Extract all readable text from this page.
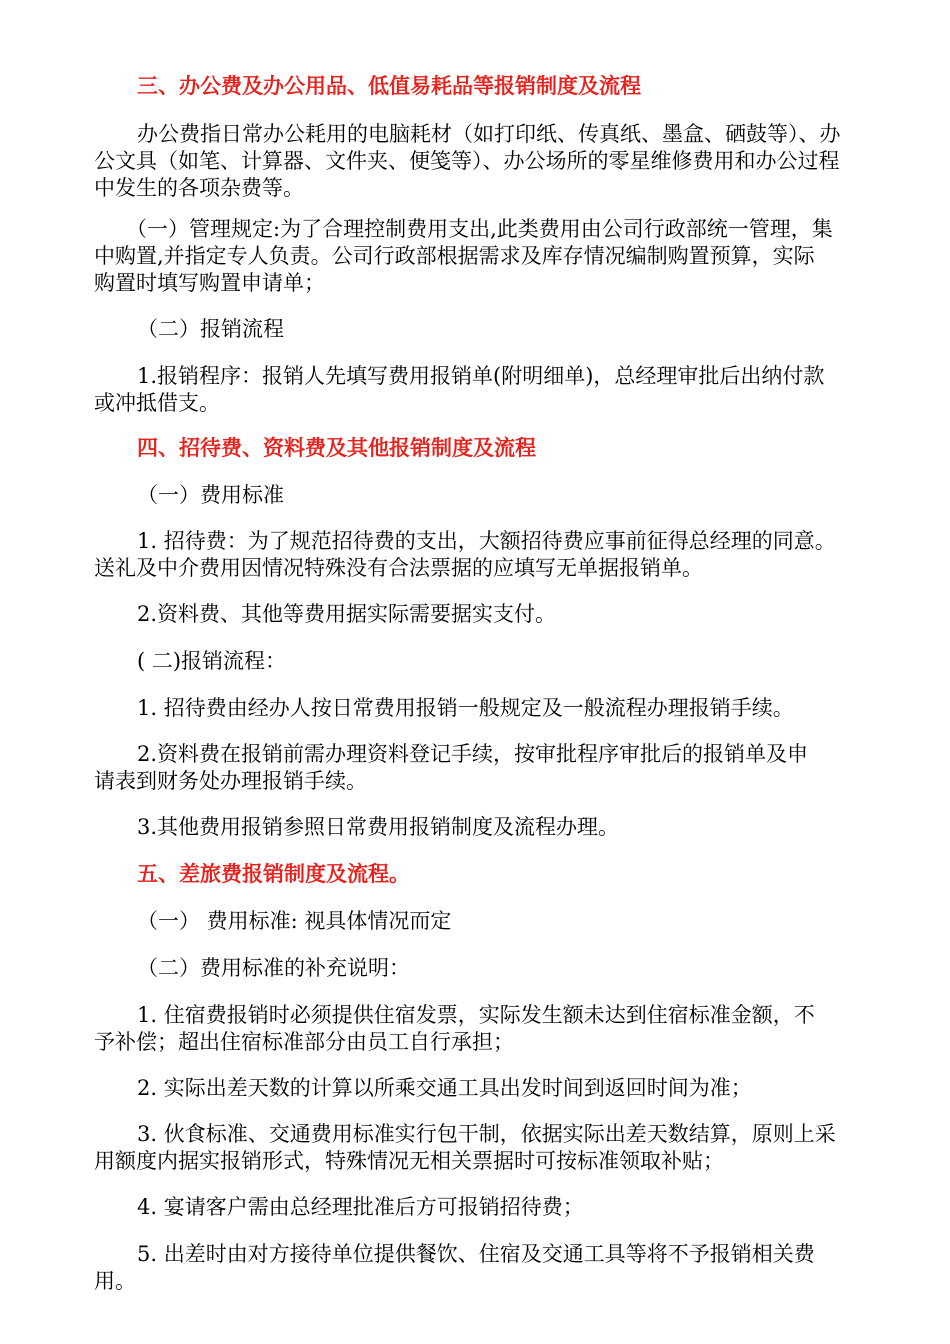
三、办公费及办公用品、低值易耗品等报销制度及流程
办公费指日常办公耗用的电脑耗材（如打印纸、传真纸、墨盒、硒鼓等）、办
公文具（如笔、计算器、文件夹、便笺等）、办公场所的零星维修费用和办公过程
中发生的各项杂费等。
（一）管理规定:为了合理控制费用支出,此类费用由公司行政部统一管理，集
中购置,并指定专人负责。公司行政部根据需求及库存情况编制购置预算，实际
购置时填写购置申请单；
（二）报销流程
1.报销程序：报销人先填写费用报销单(附明细单)，总经理审批后出纳付款
或冲抵借支。
四、招待费、资料费及其他报销制度及流程
（一）费用标准
1. 招待费：为了规范招待费的支出，大额招待费应事前征得总经理的同意。
送礼及中介费用因情况特殊没有合法票据的应填写无单据报销单。
2.资料费、其他等费用据实际需要据实支付。
( 二)报销流程：
1. 招待费由经办人按日常费用报销一般规定及一般流程办理报销手续。
2.资料费在报销前需办理资料登记手续，按审批程序审批后的报销单及申
请表到财务处办理报销手续。
3.其他费用报销参照日常费用报销制度及流程办理。
五、差旅费报销制度及流程。
（一） 费用标准: 视具体情况而定
（二）费用标准的补充说明：
1. 住宿费报销时必须提供住宿发票，实际发生额未达到住宿标准金额，不
予补偿；超出住宿标准部分由员工自行承担；
2. 实际出差天数的计算以所乘交通工具出发时间到返回时间为准；
3. 伙食标准、交通费用标准实行包干制，依据实际出差天数结算，原则上采
用额度内据实报销形式，特殊情况无相关票据时可按标准领取补贴；
4. 宴请客户需由总经理批准后方可报销招待费；
5. 出差时由对方接待单位提供餐饮、住宿及交通工具等将不予报销相关费
用。
